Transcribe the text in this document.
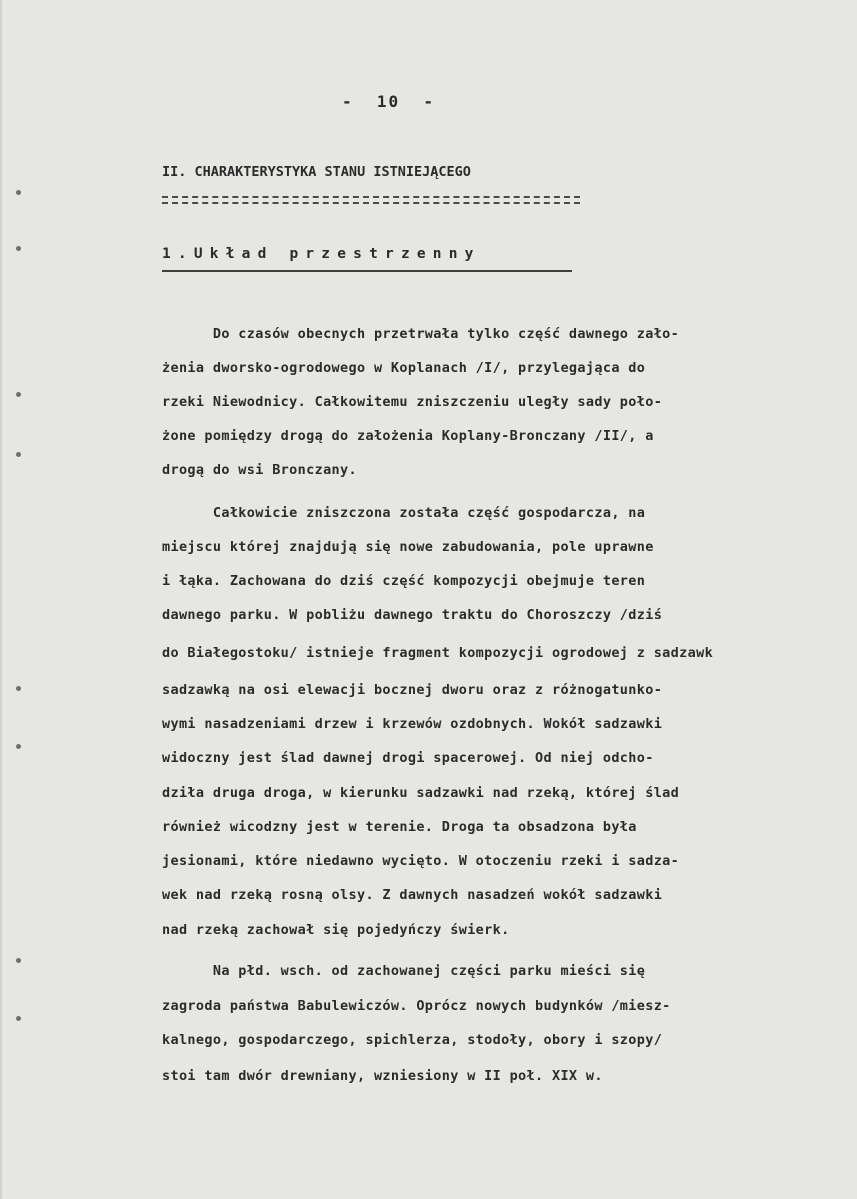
-  10  -
II. CHARAKTERYSTYKA STANU ISTNIEJĄCEGO
1.Układ przestrzenny
Do czasów obecnych przetrwała tylko część dawnego zało-
żenia dworsko-ogrodowego w Koplanach /I/, przylegająca do
rzeki Niewodnicy. Całkowitemu zniszczeniu uległy sady poło-
żone pomiędzy drogą do założenia Koplany-Bronczany /II/, a
drogą do wsi Bronczany.
Całkowicie zniszczona została część gospodarcza, na
miejscu której znajdują się nowe zabudowania, pole uprawne
i łąka. Zachowana do dziś część kompozycji obejmuje teren
dawnego parku. W pobliżu dawnego traktu do Choroszczy /dziś
do Białegostoku/ istnieje fragment kompozycji ogrodowej z sadzawk
sadzawką na osi elewacji bocznej dworu oraz z różnogatunko-
wymi nasadzeniami drzew i krzewów ozdobnych. Wokół sadzawki
widoczny jest ślad dawnej drogi spacerowej. Od niej odcho-
dziła druga droga, w kierunku sadzawki nad rzeką, której ślad
również wicodzny jest w terenie. Droga ta obsadzona była
jesionami, które niedawno wycięto. W otoczeniu rzeki i sadza-
wek nad rzeką rosną olsy. Z dawnych nasadzeń wokół sadzawki
nad rzeką zachował się pojedyńczy świerk.
Na płd. wsch. od zachowanej części parku mieści się
zagroda państwa Babulewiczów. Oprócz nowych budynków /miesz-
kalnego, gospodarczego, spichlerza, stodoły, obory i szopy/
stoi tam dwór drewniany, wzniesiony w II poł. XIX w.
